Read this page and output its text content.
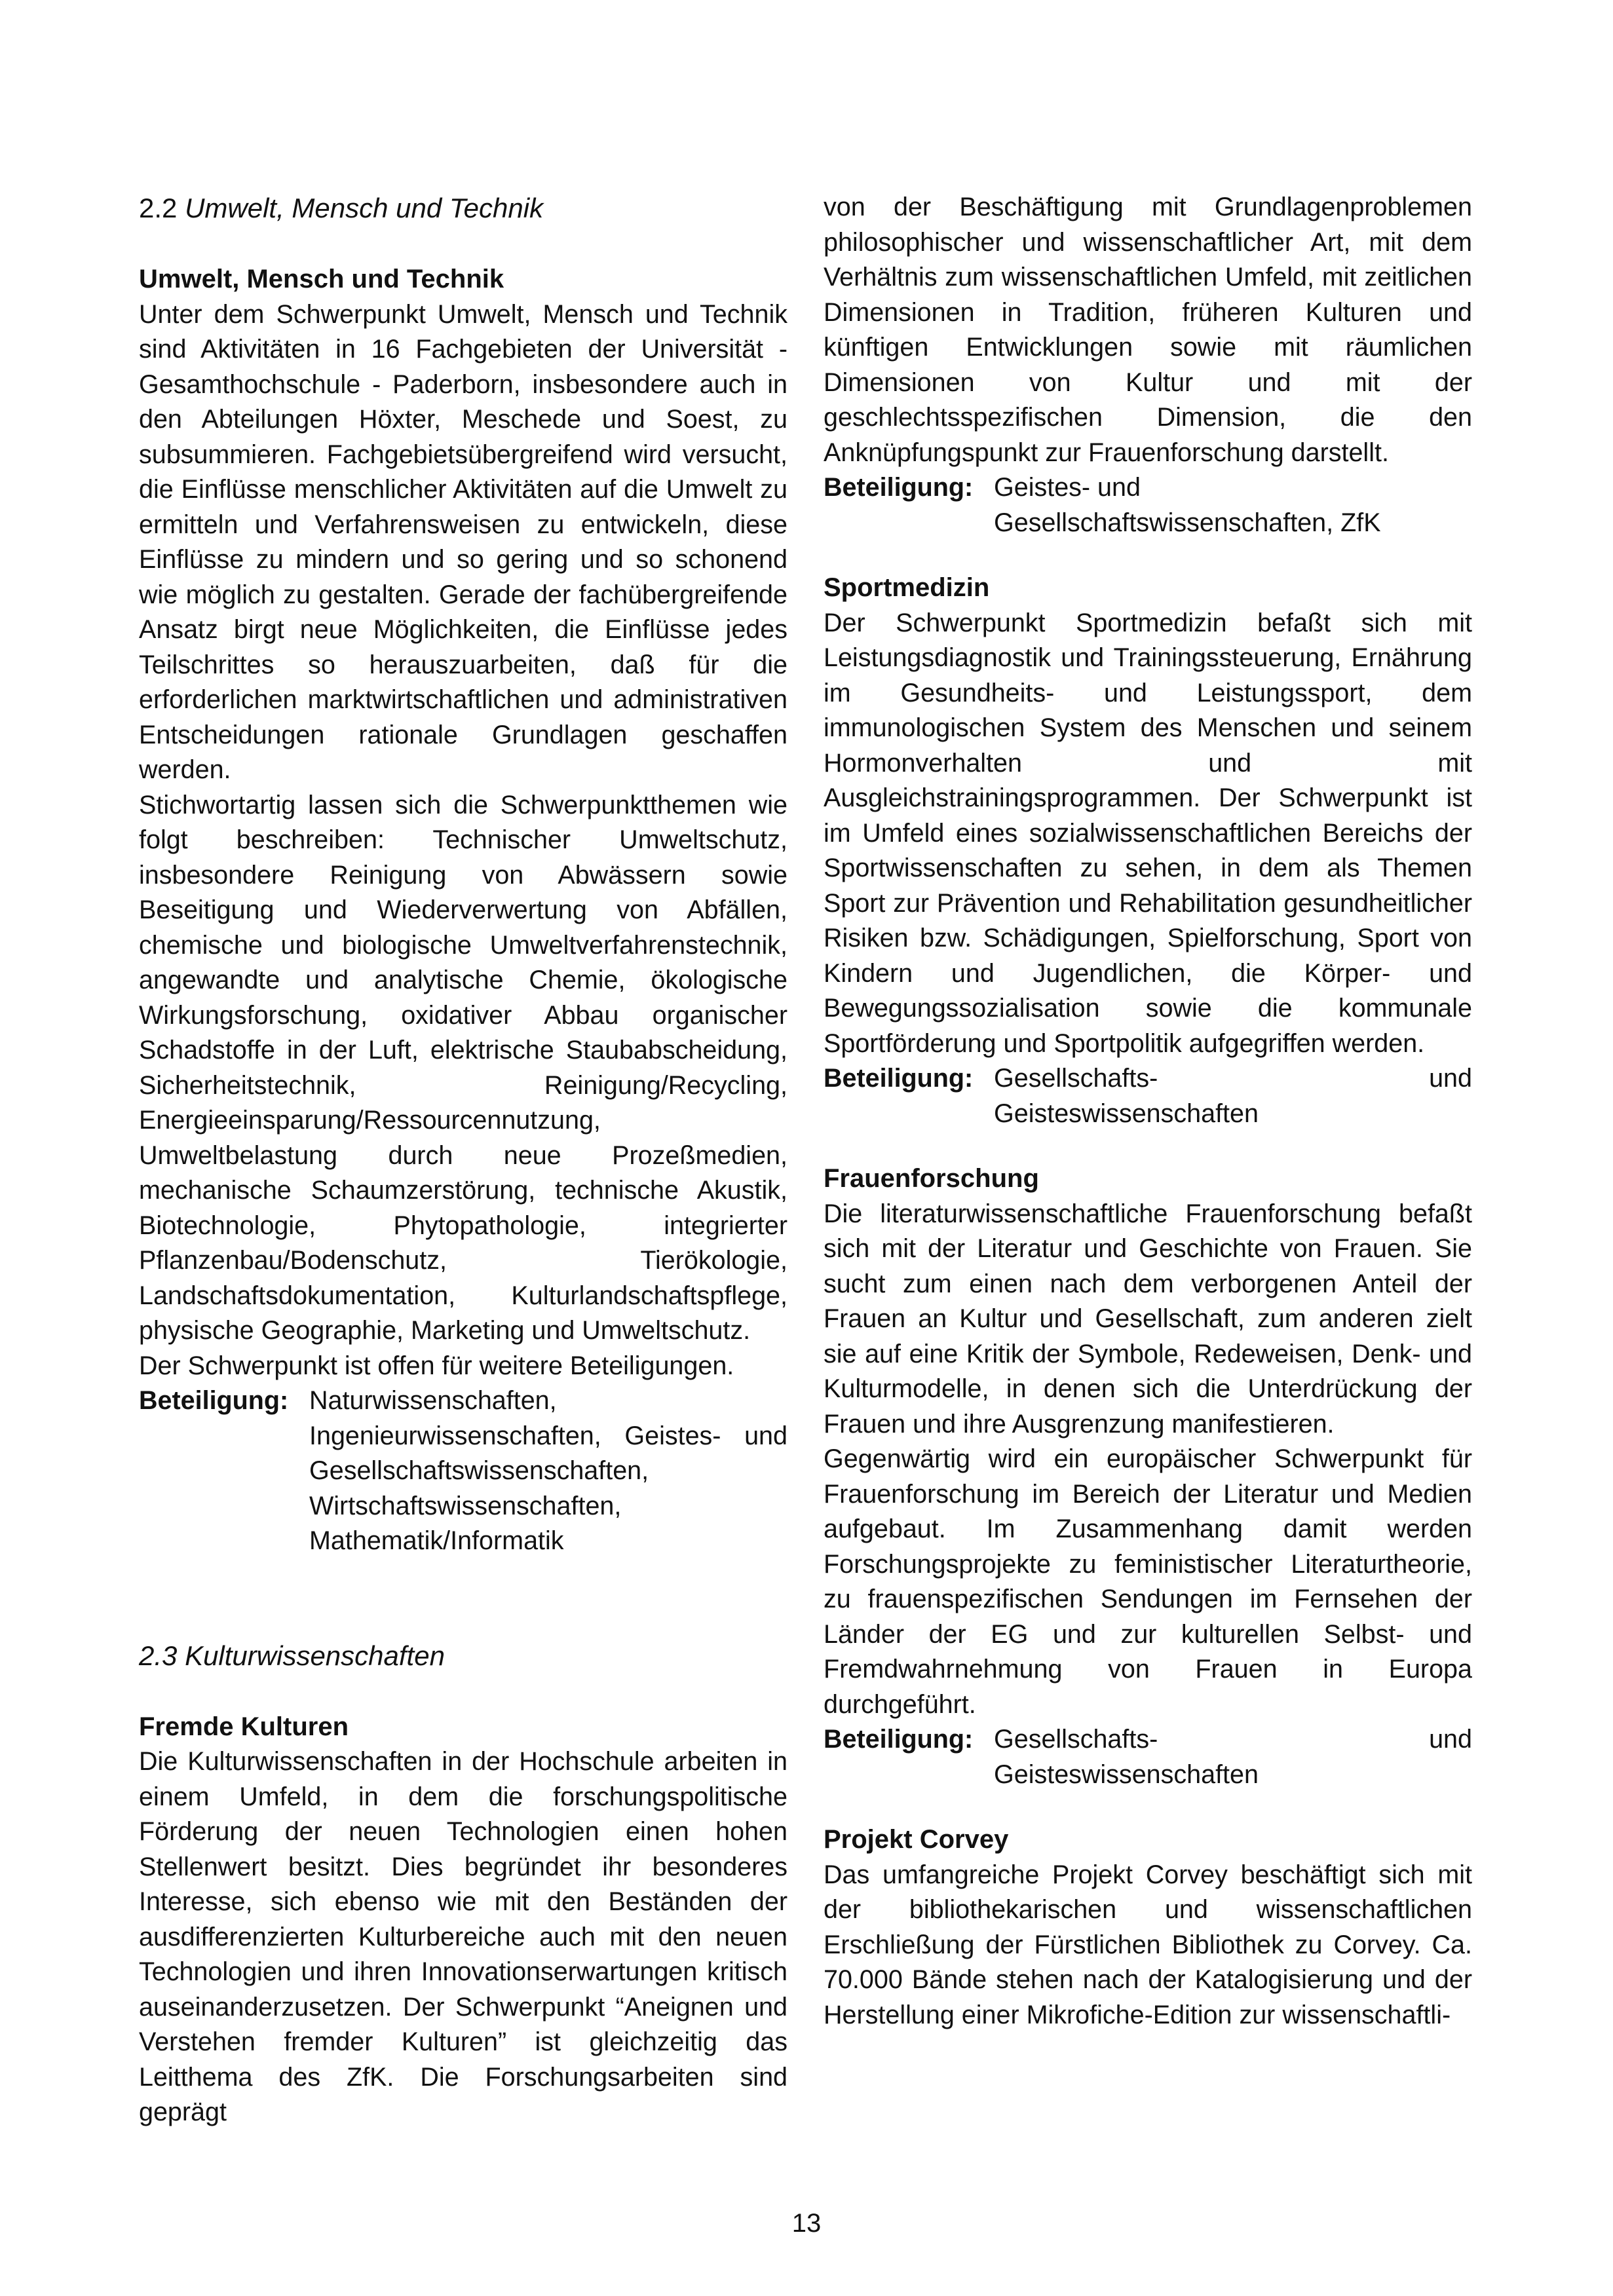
2.2 Umwelt, Mensch und Technik
Umwelt, Mensch und Technik

Unter dem Schwerpunkt Umwelt, Mensch und Technik sind Aktivitäten in 16 Fachgebieten der Universität - Gesamthochschule - Paderborn, insbesondere auch in den Abteilungen Höxter, Meschede und Soest, zu subsummieren. Fachgebietsübergreifend wird versucht, die Einflüsse menschlicher Aktivitäten auf die Umwelt zu ermitteln und Verfahrensweisen zu entwickeln, diese Einflüsse zu mindern und so gering und so schonend wie möglich zu gestalten. Gerade der fachübergreifende Ansatz birgt neue Möglichkeiten, die Einflüsse jedes Teilschrittes so herauszuarbeiten, daß für die erforderlichen marktwirtschaftlichen und administrativen Entscheidungen rationale Grundlagen geschaffen werden.

Stichwortartig lassen sich die Schwerpunktthemen wie folgt beschreiben: Technischer Umweltschutz, insbesondere Reinigung von Abwässern sowie Beseitigung und Wiederverwertung von Abfällen, chemische und biologische Umweltverfahrenstechnik, angewandte und analytische Chemie, ökologische Wirkungsforschung, oxidativer Abbau organischer Schadstoffe in der Luft, elektrische Staubabscheidung, Sicherheitstechnik, Reinigung/Recycling, Energieeinsparung/Ressourcennutzung, Umweltbelastung durch neue Prozeßmedien, mechanische Schaumzerstörung, technische Akustik, Biotechnologie, Phytopathologie, integrierter Pflanzenbau/Bodenschutz, Tierökologie, Landschaftsdokumentation, Kulturlandschaftspflege, physische Geographie, Marketing und Umweltschutz.

Der Schwerpunkt ist offen für weitere Beteiligungen.

Beteiligung: Naturwissenschaften, Ingenieurwissenschaften, Geistes- und Gesellschaftswissenschaften, Wirtschaftswissenschaften, Mathematik/Informatik
2.3 Kulturwissenschaften
Fremde Kulturen

Die Kulturwissenschaften in der Hochschule arbeiten in einem Umfeld, in dem die forschungspolitische Förderung der neuen Technologien einen hohen Stellenwert besitzt. Dies begründet ihr besonderes Interesse, sich ebenso wie mit den Beständen der ausdifferenzierten Kulturbereiche auch mit den neuen Technologien und ihren Innovationserwartungen kritisch auseinanderzusetzen. Der Schwerpunkt “Aneignen und Verstehen fremder Kulturen” ist gleichzeitig das Leitthema des ZfK. Die Forschungsarbeiten sind geprägt

von der Beschäftigung mit Grundlagenproblemen philosophischer und wissenschaftlicher Art, mit dem Verhältnis zum wissenschaftlichen Umfeld, mit zeitlichen Dimensionen in Tradition, früheren Kulturen und künftigen Entwicklungen sowie mit räumlichen Dimensionen von Kultur und mit der geschlechtsspezifischen Dimension, die den Anknüpfungspunkt zur Frauenforschung darstellt.

Beteiligung: Geistes- und
Gesellschaftswissenschaften, ZfK
Sportmedizin

Der Schwerpunkt Sportmedizin befaßt sich mit Leistungsdiagnostik und Trainingssteuerung, Ernährung im Gesundheits- und Leistungssport, dem immunologischen System des Menschen und seinem Hormonverhalten und mit Ausgleichstrainingsprogrammen. Der Schwerpunkt ist im Umfeld eines sozialwissenschaftlichen Bereichs der Sportwissenschaften zu sehen, in dem als Themen Sport zur Prävention und Rehabilitation gesundheitlicher Risiken bzw. Schädigungen, Spielforschung, Sport von Kindern und Jugendlichen, die Körper- und Bewegungssozialisation sowie die kommunale Sportförderung und Sportpolitik aufgegriffen werden.

Beteiligung: Gesellschafts- und Geisteswissenschaften
Frauenforschung

Die literaturwissenschaftliche Frauenforschung befaßt sich mit der Literatur und Geschichte von Frauen. Sie sucht zum einen nach dem verborgenen Anteil der Frauen an Kultur und Gesellschaft, zum anderen zielt sie auf eine Kritik der Symbole, Redeweisen, Denk- und Kulturmodelle, in denen sich die Unterdrückung der Frauen und ihre Ausgrenzung manifestieren.

Gegenwärtig wird ein europäischer Schwerpunkt für Frauenforschung im Bereich der Literatur und Medien aufgebaut. Im Zusammenhang damit werden Forschungsprojekte zu feministischer Literaturtheorie, zu frauenspezifischen Sendungen im Fernsehen der Länder der EG und zur kulturellen Selbst- und Fremdwahrnehmung von Frauen in Europa durchgeführt.

Beteiligung: Gesellschafts- und Geisteswissenschaften
Projekt Corvey

Das umfangreiche Projekt Corvey beschäftigt sich mit der bibliothekarischen und wissenschaftlichen Erschließung der Fürstlichen Bibliothek zu Corvey. Ca. 70.000 Bände stehen nach der Katalogisierung und der Herstellung einer Mikrofiche-Edition zur wissenschaftli-

13
